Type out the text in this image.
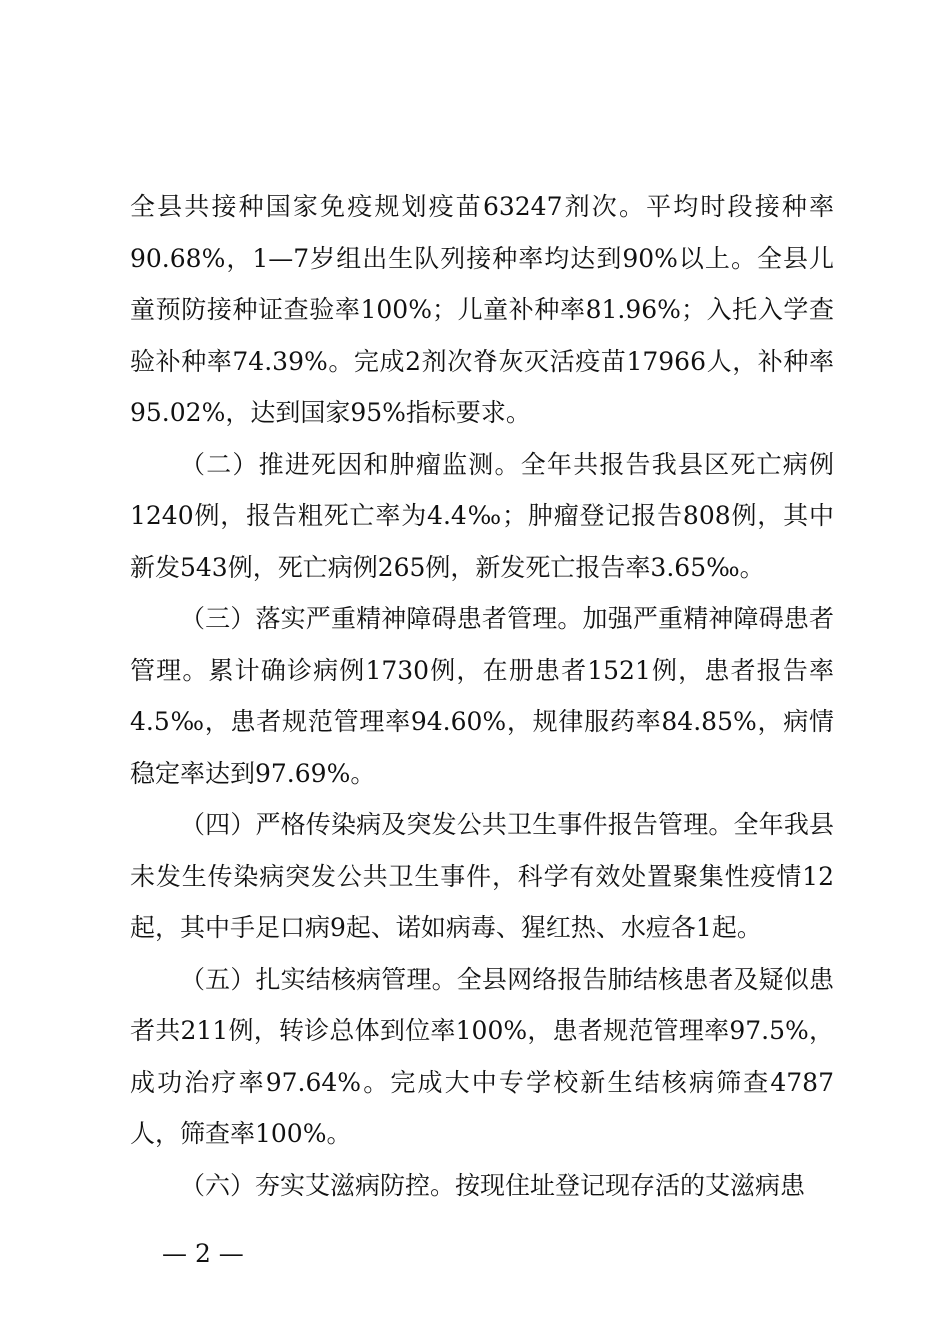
全县共接种国家免疫规划疫苗63247剂次。平均时段接种率90.68%，1—7岁组出生队列接种率均达到90%以上。全县儿童预防接种证查验率100%；儿童补种率81.96%；入托入学查验补种率74.39%。完成2剂次脊灰灭活疫苗17966人，补种率95.02%，达到国家95%指标要求。

（二）推进死因和肿瘤监测。全年共报告我县区死亡病例1240例，报告粗死亡率为4.4‰；肿瘤登记报告808例，其中新发543例，死亡病例265例，新发死亡报告率3.65‰。

（三）落实严重精神障碍患者管理。加强严重精神障碍患者管理。累计确诊病例1730例，在册患者1521例，患者报告率4.5‰，患者规范管理率94.60%，规律服药率84.85%，病情稳定率达到97.69%。

（四）严格传染病及突发公共卫生事件报告管理。全年我县未发生传染病突发公共卫生事件，科学有效处置聚集性疫情12起，其中手足口病9起、诺如病毒、猩红热、水痘各1起。

（五）扎实结核病管理。全县网络报告肺结核患者及疑似患者共211例，转诊总体到位率100%，患者规范管理率97.5%，成功治疗率97.64%。完成大中专学校新生结核病筛查4787人，筛查率100%。

（六）夯实艾滋病防控。按现住址登记现存活的艾滋病患

— 2 —
